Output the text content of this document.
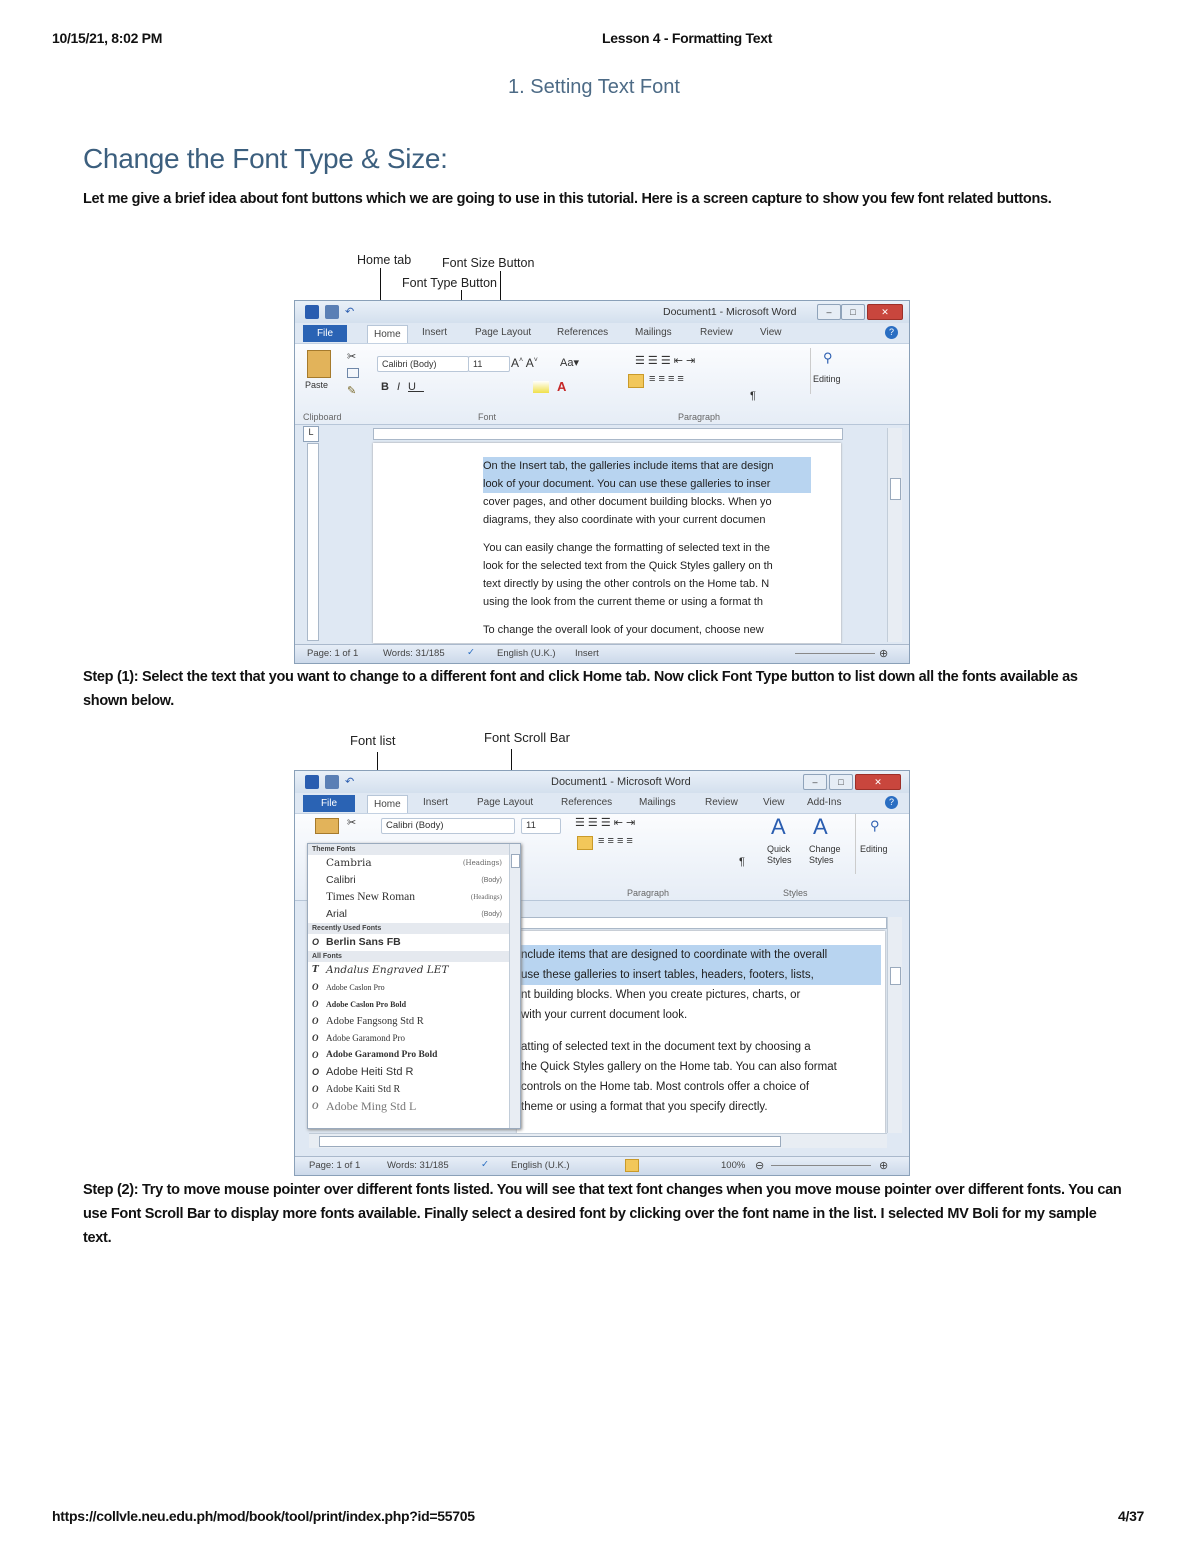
10/15/21, 8:02 PM	Lesson 4 - Formatting Text
1. Setting Text Font
Change the Font Type & Size:
Let me give a brief idea about font buttons which we are going to use in this tutorial. Here is a screen capture to show you few font related buttons.
Home tab Font Size Button
Font Type Button
↶	Document1 - Microsoft Word	–	□	✕
File	Home	Insert	Page Layout	References	Mailings	Review	View	?
Paste
✂
✎
Calibri (Body)	11	A˄ A˅ Aa▾
BIU	A
☰ ☰ ☰ ⇤ ⇥
≡ ≡ ≡ ≡
¶
⚲
Editing
Clipboard	Font	Paragraph
L
On the Insert tab, the galleries include items that are design
look of your document. You can use these galleries to inser
cover pages, and other document building blocks. When yo
diagrams, they also coordinate with your current documen
You can easily change the formatting of selected text in the
look for the selected text from the Quick Styles gallery on th
text directly by using the other controls on the Home tab. N
using the look from the current theme or using a format th
To change the overall look of your document, choose new
Page: 1 of 1	Words: 31/185 ✓ English (U.K.) Insert	⊕
Step (1): Select the text that you want to change to a different font and click Home tab. Now click Font Type button to list down all the fonts available as shown below.
Font list	Font Scroll Bar
↶	Document1 - Microsoft Word	–	□	✕
File	Home	Insert	Page Layout	References	Mailings	Review	View Add-Ins	?
✂	Calibri (Body)	11	☰ ☰ ☰ ⇤ ⇥
≡ ≡ ≡ ≡
¶
A
Quick Styles
A
Change Styles
⚲
Editing
Paragraph	Styles
nclude items that are designed to coordinate with the overall
use these galleries to insert tables, headers, footers, lists,
nt building blocks. When you create pictures, charts, or
with your current document look.
atting of selected text in the document text by choosing a
the Quick Styles gallery on the Home tab. You can also format
controls on the Home tab. Most controls offer a choice of
theme or using a format that you specify directly.
Theme Fonts
Cambria	(Headings)
Calibri	(Body)
Times New Roman	(Headings)
Arial	(Body)
Recently Used Fonts
O Berlin Sans FB
All Fonts
T Andalus Engraved LET
O Adobe Caslon Pro
O Adobe Caslon Pro Bold
O Adobe Fangsong Std R
O Adobe Garamond Pro
O Adobe Garamond Pro Bold
O Adobe Heiti Std R
O Adobe Kaiti Std R
O Adobe Ming Std L
Page: 1 of 1	Words: 31/185	✓ English (U.K.)	100% ⊖	⊕
Step (2): Try to move mouse pointer over different fonts listed. You will see that text font changes when you move mouse pointer over different fonts. You can use Font Scroll Bar to display more fonts available. Finally select a desired font by clicking over the font name in the list. I selected MV Boli for my sample text.
https://collvle.neu.edu.ph/mod/book/tool/print/index.php?id=55705	4/37
